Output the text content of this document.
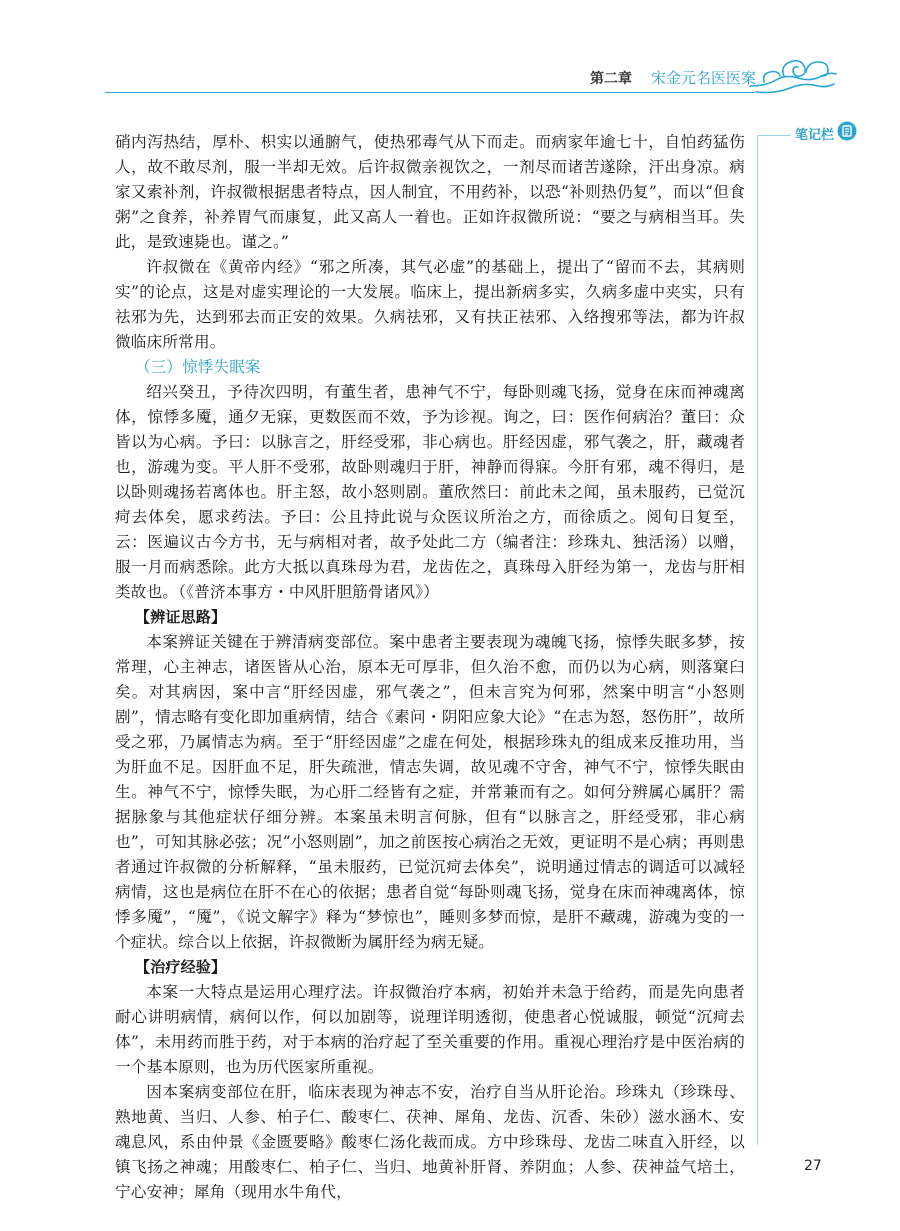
第二章 宋金元名医医案
笔记栏

硝内泻热结，厚朴、枳实以通腑气，使热邪毒气从下而走。而病家年逾七十，自怕药猛伤人，故不敢尽剂，服一半却无效。后许叔微亲视饮之，一剂尽而诸苦遂除，汗出身凉。病家又索补剂，许叔微根据患者特点，因人制宜，不用药补，以恐“补则热仍复”，而以“但食粥”之食养，补养胃气而康复，此又高人一着也。正如许叔微所说：“要之与病相当耳。失此，是致速毙也。谨之。”

许叔微在《黄帝内经》“邪之所凑，其气必虚”的基础上，提出了“留而不去，其病则实”的论点，这是对虚实理论的一大发展。临床上，提出新病多实，久病多虚中夹实，只有祛邪为先，达到邪去而正安的效果。久病祛邪，又有扶正祛邪、入络搜邪等法，都为许叔微临床所常用。

（三）惊悸失眠案

绍兴癸丑，予待次四明，有董生者，患神气不宁，每卧则魂飞扬，觉身在床而神魂离体，惊悸多魇，通夕无寐，更数医而不效，予为诊视。询之，曰：医作何病治？董曰：众皆以为心病。予曰：以脉言之，肝经受邪，非心病也。肝经因虚，邪气袭之，肝，藏魂者也，游魂为变。平人肝不受邪，故卧则魂归于肝，神静而得寐。今肝有邪，魂不得归，是以卧则魂扬若离体也。肝主怒，故小怒则剧。董欣然曰：前此未之闻，虽未服药，已觉沉疴去体矣，愿求药法。予曰：公且持此说与众医议所治之方，而徐质之。阅旬日复至，云：医遍议古今方书，无与病相对者，故予处此二方（编者注：珍珠丸、独活汤）以赠，服一月而病悉除。此方大抵以真珠母为君，龙齿佐之，真珠母入肝经为第一，龙齿与肝相类故也。（《普济本事方・中风肝胆筋骨诸风》）

【辨证思路】

本案辨证关键在于辨清病变部位。案中患者主要表现为魂魄飞扬，惊悸失眠多梦，按常理，心主神志，诸医皆从心治，原本无可厚非，但久治不愈，而仍以为心病，则落窠臼矣。对其病因，案中言“肝经因虚，邪气袭之”，但未言究为何邪，然案中明言“小怒则剧”，情志略有变化即加重病情，结合《素问・阴阳应象大论》“在志为怒，怒伤肝”，故所受之邪，乃属情志为病。至于“肝经因虚”之虚在何处，根据珍珠丸的组成来反推功用，当为肝血不足。因肝血不足，肝失疏泄，情志失调，故见魂不守舍，神气不宁，惊悸失眠由生。神气不宁，惊悸失眠，为心肝二经皆有之症，并常兼而有之。如何分辨属心属肝？需据脉象与其他症状仔细分辨。本案虽未明言何脉，但有“以脉言之，肝经受邪，非心病也”，可知其脉必弦；况“小怒则剧”，加之前医按心病治之无效，更证明不是心病；再则患者通过许叔微的分析解释，“虽未服药，已觉沉疴去体矣”，说明通过情志的调适可以减轻病情，这也是病位在肝不在心的依据；患者自觉“每卧则魂飞扬，觉身在床而神魂离体，惊悸多魇”，“魇”，《说文解字》释为“梦惊也”，睡则多梦而惊，是肝不藏魂，游魂为变的一个症状。综合以上依据，许叔微断为属肝经为病无疑。

【治疗经验】

本案一大特点是运用心理疗法。许叔微治疗本病，初始并未急于给药，而是先向患者耐心讲明病情，病何以作，何以加剧等，说理详明透彻，使患者心悦诚服，顿觉“沉疴去体”，未用药而胜于药，对于本病的治疗起了至关重要的作用。重视心理治疗是中医治病的一个基本原则，也为历代医家所重视。

因本案病变部位在肝，临床表现为神志不安，治疗自当从肝论治。珍珠丸（珍珠母、熟地黄、当归、人参、柏子仁、酸枣仁、茯神、犀角、龙齿、沉香、朱砂）滋水涵木、安魂息风，系由仲景《金匮要略》酸枣仁汤化裁而成。方中珍珠母、龙齿二味直入肝经，以镇飞扬之神魂；用酸枣仁、柏子仁、当归、地黄补肝肾、养阴血；人参、茯神益气培土，宁心安神；犀角（现用水牛角代，

27
